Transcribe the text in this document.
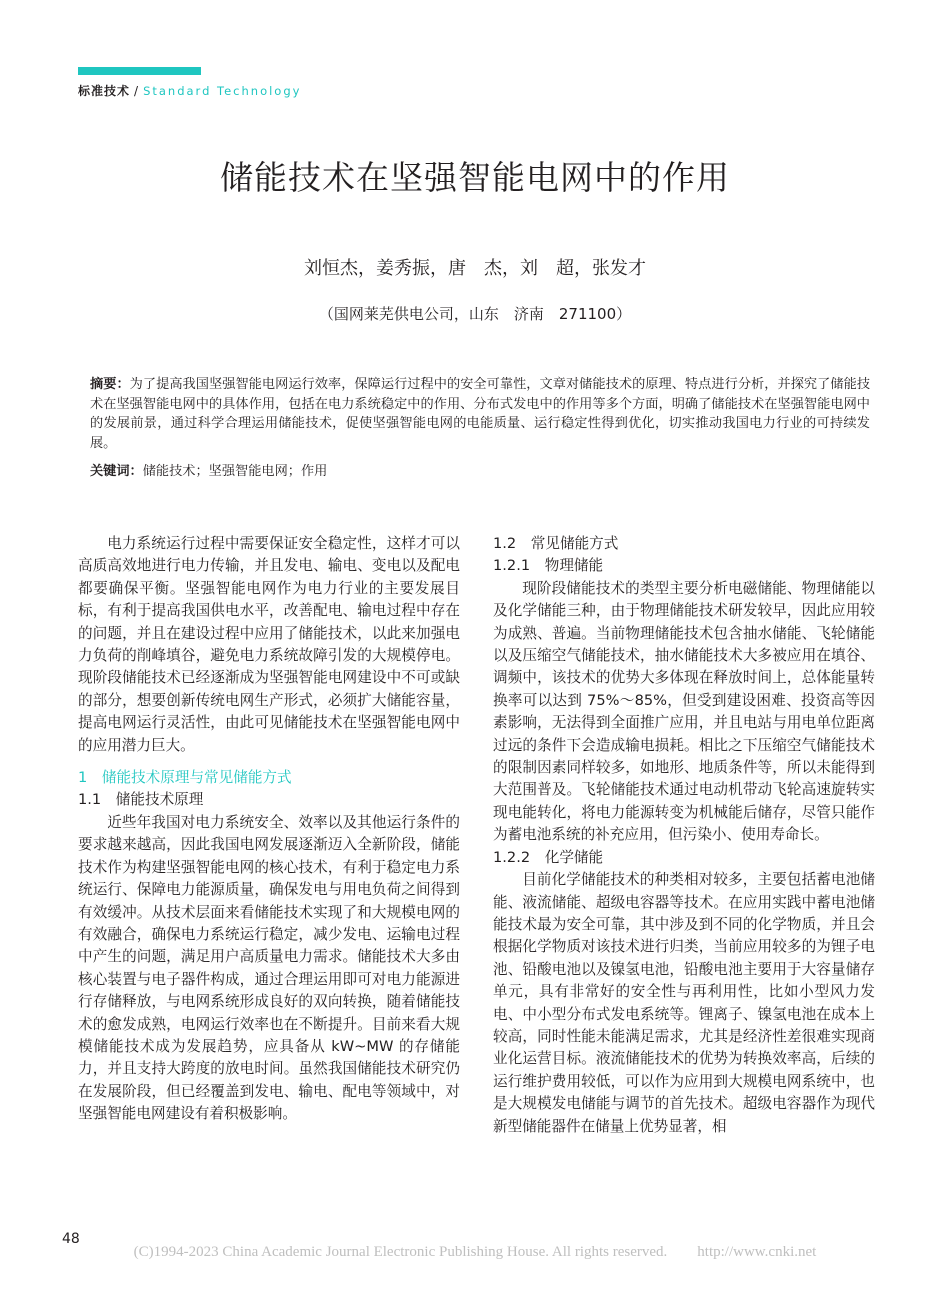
标准技术 / Standard Technology
储能技术在坚强智能电网中的作用
刘恒杰，姜秀振，唐　杰，刘　超，张发才
（国网莱芜供电公司，山东　济南　271100）
摘要：为了提高我国坚强智能电网运行效率，保障运行过程中的安全可靠性，文章对储能技术的原理、特点进行分析，并探究了储能技术在坚强智能电网中的具体作用，包括在电力系统稳定中的作用、分布式发电中的作用等多个方面，明确了储能技术在坚强智能电网中的发展前景，通过科学合理运用储能技术，促使坚强智能电网的电能质量、运行稳定性得到优化，切实推动我国电力行业的可持续发展。
关键词：储能技术；坚强智能电网；作用

电力系统运行过程中需要保证安全稳定性，这样才可以高质高效地进行电力传输，并且发电、输电、变电以及配电都要确保平衡。坚强智能电网作为电力行业的主要发展目标，有利于提高我国供电水平，改善配电、输电过程中存在的问题，并且在建设过程中应用了储能技术，以此来加强电力负荷的削峰填谷，避免电力系统故障引发的大规模停电。现阶段储能技术已经逐渐成为坚强智能电网建设中不可或缺的部分，想要创新传统电网生产形式，必须扩大储能容量，提高电网运行灵活性，由此可见储能技术在坚强智能电网中的应用潜力巨大。

1　储能技术原理与常见储能方式
1.1　储能技术原理

近些年我国对电力系统安全、效率以及其他运行条件的要求越来越高，因此我国电网发展逐渐迈入全新阶段，储能技术作为构建坚强智能电网的核心技术，有利于稳定电力系统运行、保障电力能源质量，确保发电与用电负荷之间得到有效缓冲。从技术层面来看储能技术实现了和大规模电网的有效融合，确保电力系统运行稳定，减少发电、运输电过程中产生的问题，满足用户高质量电力需求。储能技术大多由核心装置与电子器件构成，通过合理运用即可对电力能源进行存储释放，与电网系统形成良好的双向转换，随着储能技术的愈发成熟，电网运行效率也在不断提升。目前来看大规模储能技术成为发展趋势，应具备从 kW~MW 的存储能力，并且支持大跨度的放电时间。虽然我国储能技术研究仍在发展阶段，但已经覆盖到发电、输电、配电等领域中，对坚强智能电网建设有着积极影响。

1.2　常见储能方式
1.2.1　物理储能

现阶段储能技术的类型主要分析电磁储能、物理储能以及化学储能三种，由于物理储能技术研发较早，因此应用较为成熟、普遍。当前物理储能技术包含抽水储能、飞轮储能以及压缩空气储能技术，抽水储能技术大多被应用在填谷、调频中，该技术的优势大多体现在释放时间上，总体能量转换率可以达到 75%～85%，但受到建设困难、投资高等因素影响，无法得到全面推广应用，并且电站与用电单位距离过远的条件下会造成输电损耗。相比之下压缩空气储能技术的限制因素同样较多，如地形、地质条件等，所以未能得到大范围普及。飞轮储能技术通过电动机带动飞轮高速旋转实现电能转化，将电力能源转变为机械能后储存，尽管只能作为蓄电池系统的补充应用，但污染小、使用寿命长。

1.2.2　化学储能

目前化学储能技术的种类相对较多，主要包括蓄电池储能、液流储能、超级电容器等技术。在应用实践中蓄电池储能技术最为安全可靠，其中涉及到不同的化学物质，并且会根据化学物质对该技术进行归类，当前应用较多的为锂子电池、铅酸电池以及镍氢电池，铅酸电池主要用于大容量储存单元，具有非常好的安全性与再利用性，比如小型风力发电、中小型分布式发电系统等。锂离子、镍氢电池在成本上较高，同时性能未能满足需求，尤其是经济性差很难实现商业化运营目标。液流储能技术的优势为转换效率高，后续的运行维护费用较低，可以作为应用到大规模电网系统中，也是大规模发电储能与调节的首先技术。超级电容器作为现代新型储能器件在储量上优势显著，相

48
(C)1994-2023 China Academic Journal Electronic Publishing House. All rights reserved.　　http://www.cnki.net
